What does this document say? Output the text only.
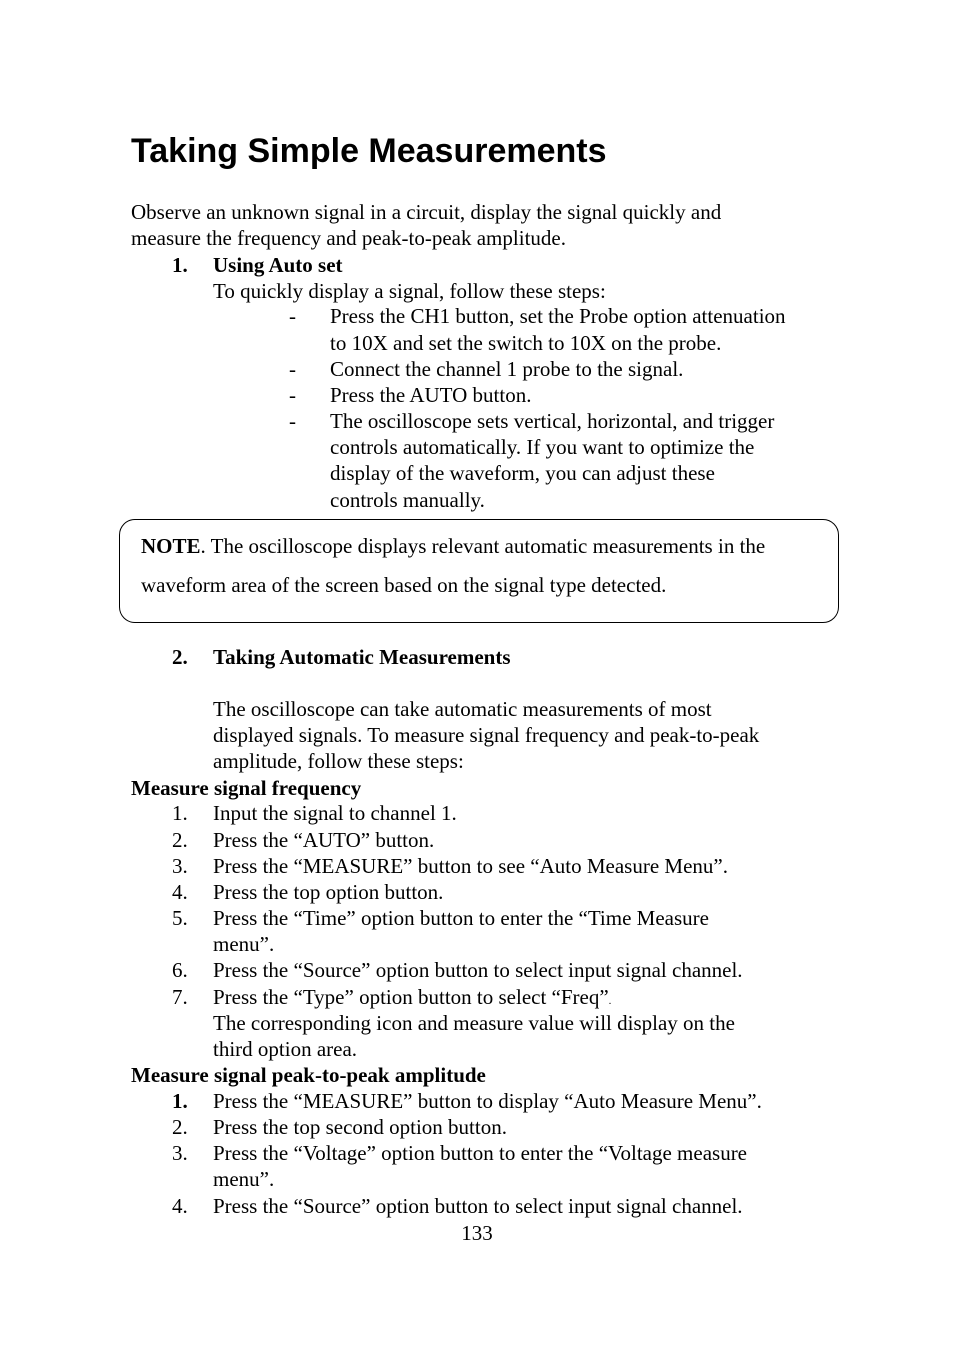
Taking Simple Measurements
Observe an unknown signal in a circuit, display the signal quickly and
measure the frequency and peak-to-peak amplitude.
1. Using Auto set
To quickly display a signal, follow these steps:
- Press the CH1 button, set the Probe option attenuation
to 10X and set the switch to 10X on the probe.
- Connect the channel 1 probe to the signal.
- Press the AUTO button.
- The oscilloscope sets vertical, horizontal, and trigger
controls automatically. If you want to optimize the
display of the waveform, you can adjust these
controls manually.
NOTE. The oscilloscope displays relevant automatic measurements in the
waveform area of the screen based on the signal type detected.
2. Taking Automatic Measurements
The oscilloscope can take automatic measurements of most
displayed signals. To measure signal frequency and peak-to-peak
amplitude, follow these steps:
Measure signal frequency
1. Input the signal to channel 1.
2. Press the “AUTO” button.
3. Press the “MEASURE” button to see “Auto Measure Menu”.
4. Press the top option button.
5. Press the “Time” option button to enter the “Time Measure
menu”.
6. Press the “Source” option button to select input signal channel.
7. Press the “Type” option button to select “Freq”.
The corresponding icon and measure value will display on the
third option area.
Measure signal peak-to-peak amplitude
1. Press the “MEASURE” button to display “Auto Measure Menu”.
2. Press the top second option button.
3. Press the “Voltage” option button to enter the “Voltage measure
menu”.
4. Press the “Source” option button to select input signal channel.
133
